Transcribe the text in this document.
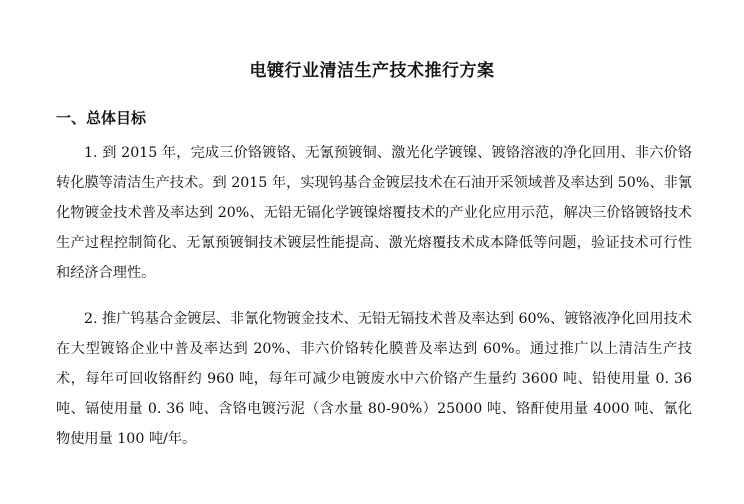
电镀行业清洁生产技术推行方案
一、总体目标

1. 到 2015 年，完成三价铬镀铬、无氰预镀铜、激光化学镀镍、镀铬溶液的净化回用、非六价铬转化膜等清洁生产技术。到 2015 年，实现钨基合金镀层技术在石油开采领域普及率达到 50%、非氰化物镀金技术普及率达到 20%、无铅无镉化学镀镍熔覆技术的产业化应用示范，解决三价铬镀铬技术生产过程控制简化、无氰预镀铜技术镀层性能提高、激光熔覆技术成本降低等问题，验证技术可行性和经济合理性。

2. 推广钨基合金镀层、非氰化物镀金技术、无铅无镉技术普及率达到 60%、镀铬液净化回用技术在大型镀铬企业中普及率达到 20%、非六价铬转化膜普及率达到 60%。通过推广以上清洁生产技术，每年可回收铬酐约 960 吨，每年可减少电镀废水中六价铬产生量约 3600 吨、铅使用量 0. 36 吨、镉使用量 0. 36 吨、含铬电镀污泥（含水量 80-90%）25000 吨、铬酐使用量 4000 吨、氰化物使用量 100 吨/年。
